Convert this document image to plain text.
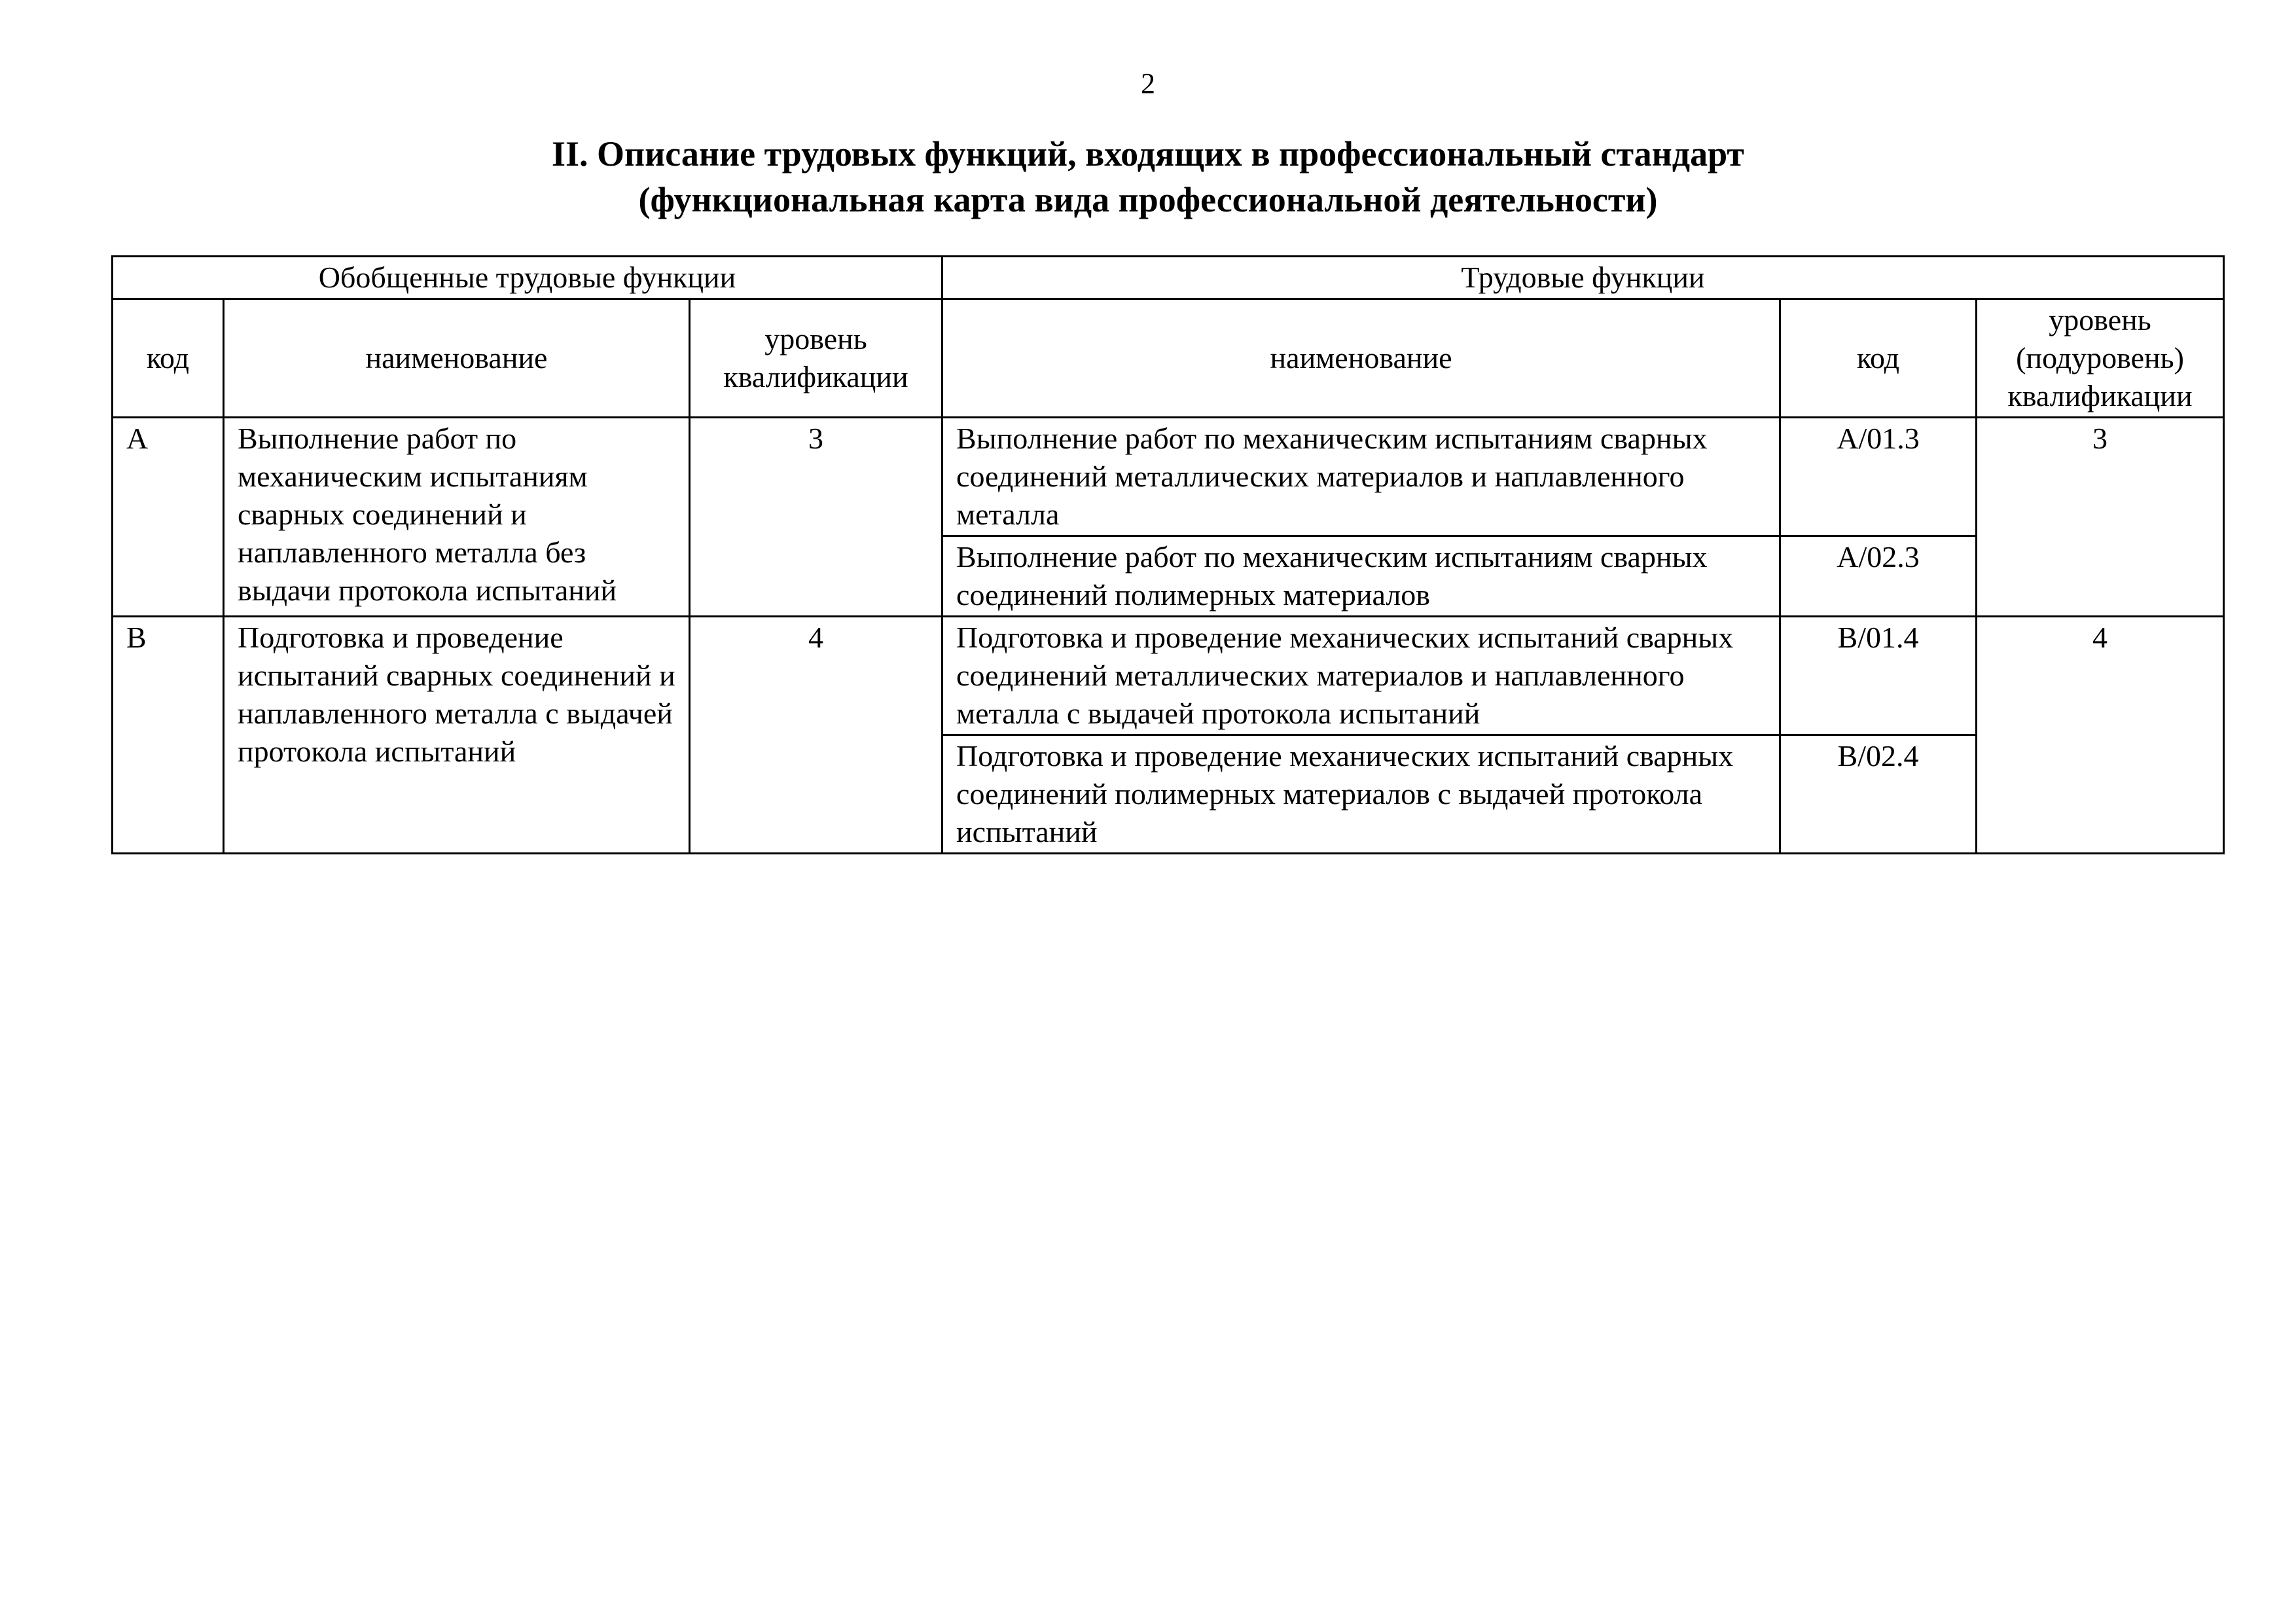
2
II. Описание трудовых функций, входящих в профессиональный стандарт
(функциональная карта вида профессиональной деятельности)
Обобщенные трудовые функции			Трудовые функции		
код	наименование	уровень квалификации	наименование	код	уровень (подуровень) квалификации
А	Выполнение работ по механическим испытаниям сварных соединений и наплавленного металла без выдачи протокола испытаний	3	Выполнение работ по механическим испытаниям сварных соединений металлических материалов и наплавленного металла	А/01.3	3
			Выполнение работ по механическим испытаниям сварных соединений полимерных материалов	А/02.3	
В	Подготовка и проведение испытаний сварных соединений и наплавленного металла с выдачей протокола испытаний	4	Подготовка и проведение механических испытаний сварных соединений металлических материалов и наплавленного металла с выдачей протокола испытаний	В/01.4	4
			Подготовка и проведение механических испытаний сварных соединений полимерных материалов с выдачей протокола испытаний	В/02.4	
